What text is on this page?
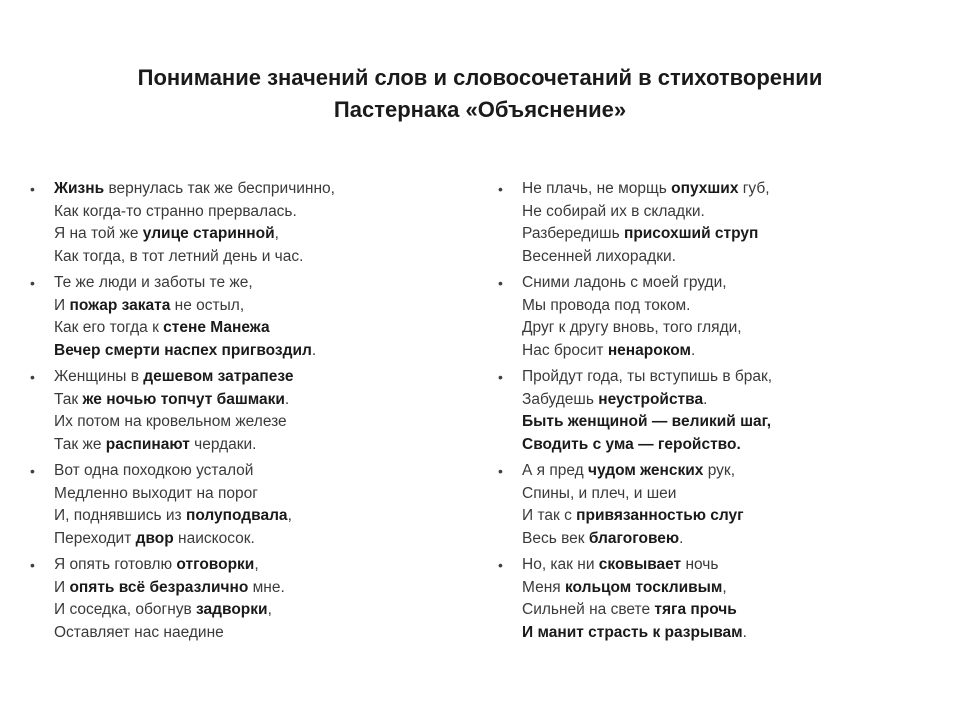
Понимание значений слов и словосочетаний в стихотворении
Пастернака «Объяснение»
• Жизнь вернулась так же беспричинно,
Как когда-то странно прервалась.
Я на той же улице старинной,
Как тогда, в тот летний день и час.
• Те же люди и заботы те же,
И пожар заката не остыл,
Как его тогда к стене Манежа
Вечер смерти наспех пригвоздил.
• Женщины в дешевом затрапезе
Так же ночью топчут башмаки.
Их потом на кровельном железе
Так же распинают чердаки.
• Вот одна походкою усталой
Медленно выходит на порог
И, поднявшись из полуподвала,
Переходит двор наискосок.
• Я опять готовлю отговорки,
И опять всё безразлично мне.
И соседка, обогнув задворки,
Оставляет нас наедине
• Не плачь, не морщь опухших губ,
Не собирай их в складки.
Разбередишь присохший струп
Весенней лихорадки.
• Сними ладонь с моей груди,
Мы провода под током.
Друг к другу вновь, того гляди,
Нас бросит ненароком.
• Пройдут года, ты вступишь в брак,
Забудешь неустройства.
Быть женщиной — великий шаг,
Сводить с ума — геройство.
• А я пред чудом женских рук,
Спины, и плеч, и шеи
И так с привязанностью слуг
Весь век благоговею.
• Но, как ни сковывает ночь
Меня кольцом тоскливым,
Сильней на свете тяга прочь
И манит страсть к разрывам.
